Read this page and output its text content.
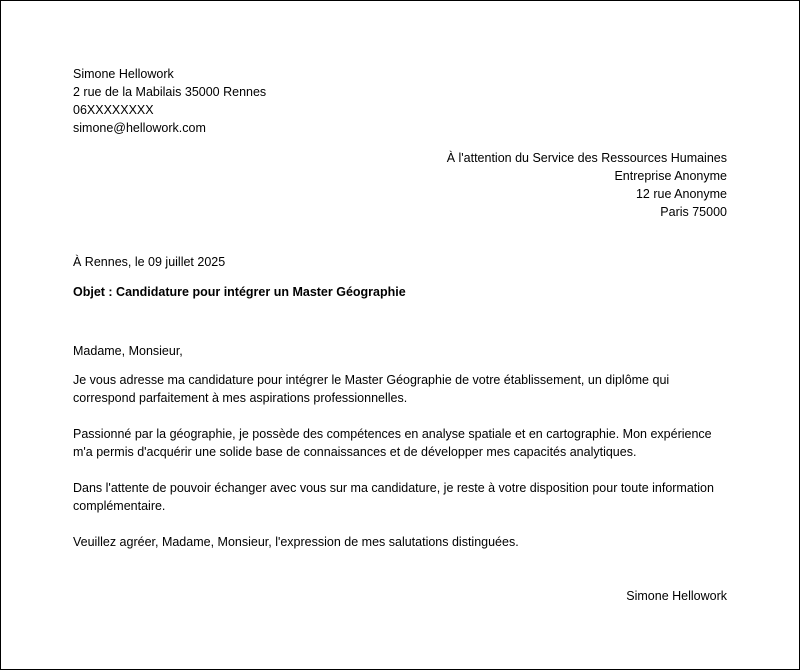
Simone Hellowork
2 rue de la Mabilais 35000 Rennes
06XXXXXXXX
simone@hellowork.com
À l'attention du Service des Ressources Humaines
Entreprise Anonyme
12 rue Anonyme
Paris 75000
À Rennes, le 09 juillet 2025
Objet : Candidature pour intégrer un Master Géographie
Madame, Monsieur,
Je vous adresse ma candidature pour intégrer le Master Géographie de votre établissement, un diplôme qui correspond parfaitement à mes aspirations professionnelles.
Passionné par la géographie, je possède des compétences en analyse spatiale et en cartographie. Mon expérience m'a permis d'acquérir une solide base de connaissances et de développer mes capacités analytiques.
Dans l'attente de pouvoir échanger avec vous sur ma candidature, je reste à votre disposition pour toute information complémentaire.
Veuillez agréer, Madame, Monsieur, l'expression de mes salutations distinguées.
Simone Hellowork
